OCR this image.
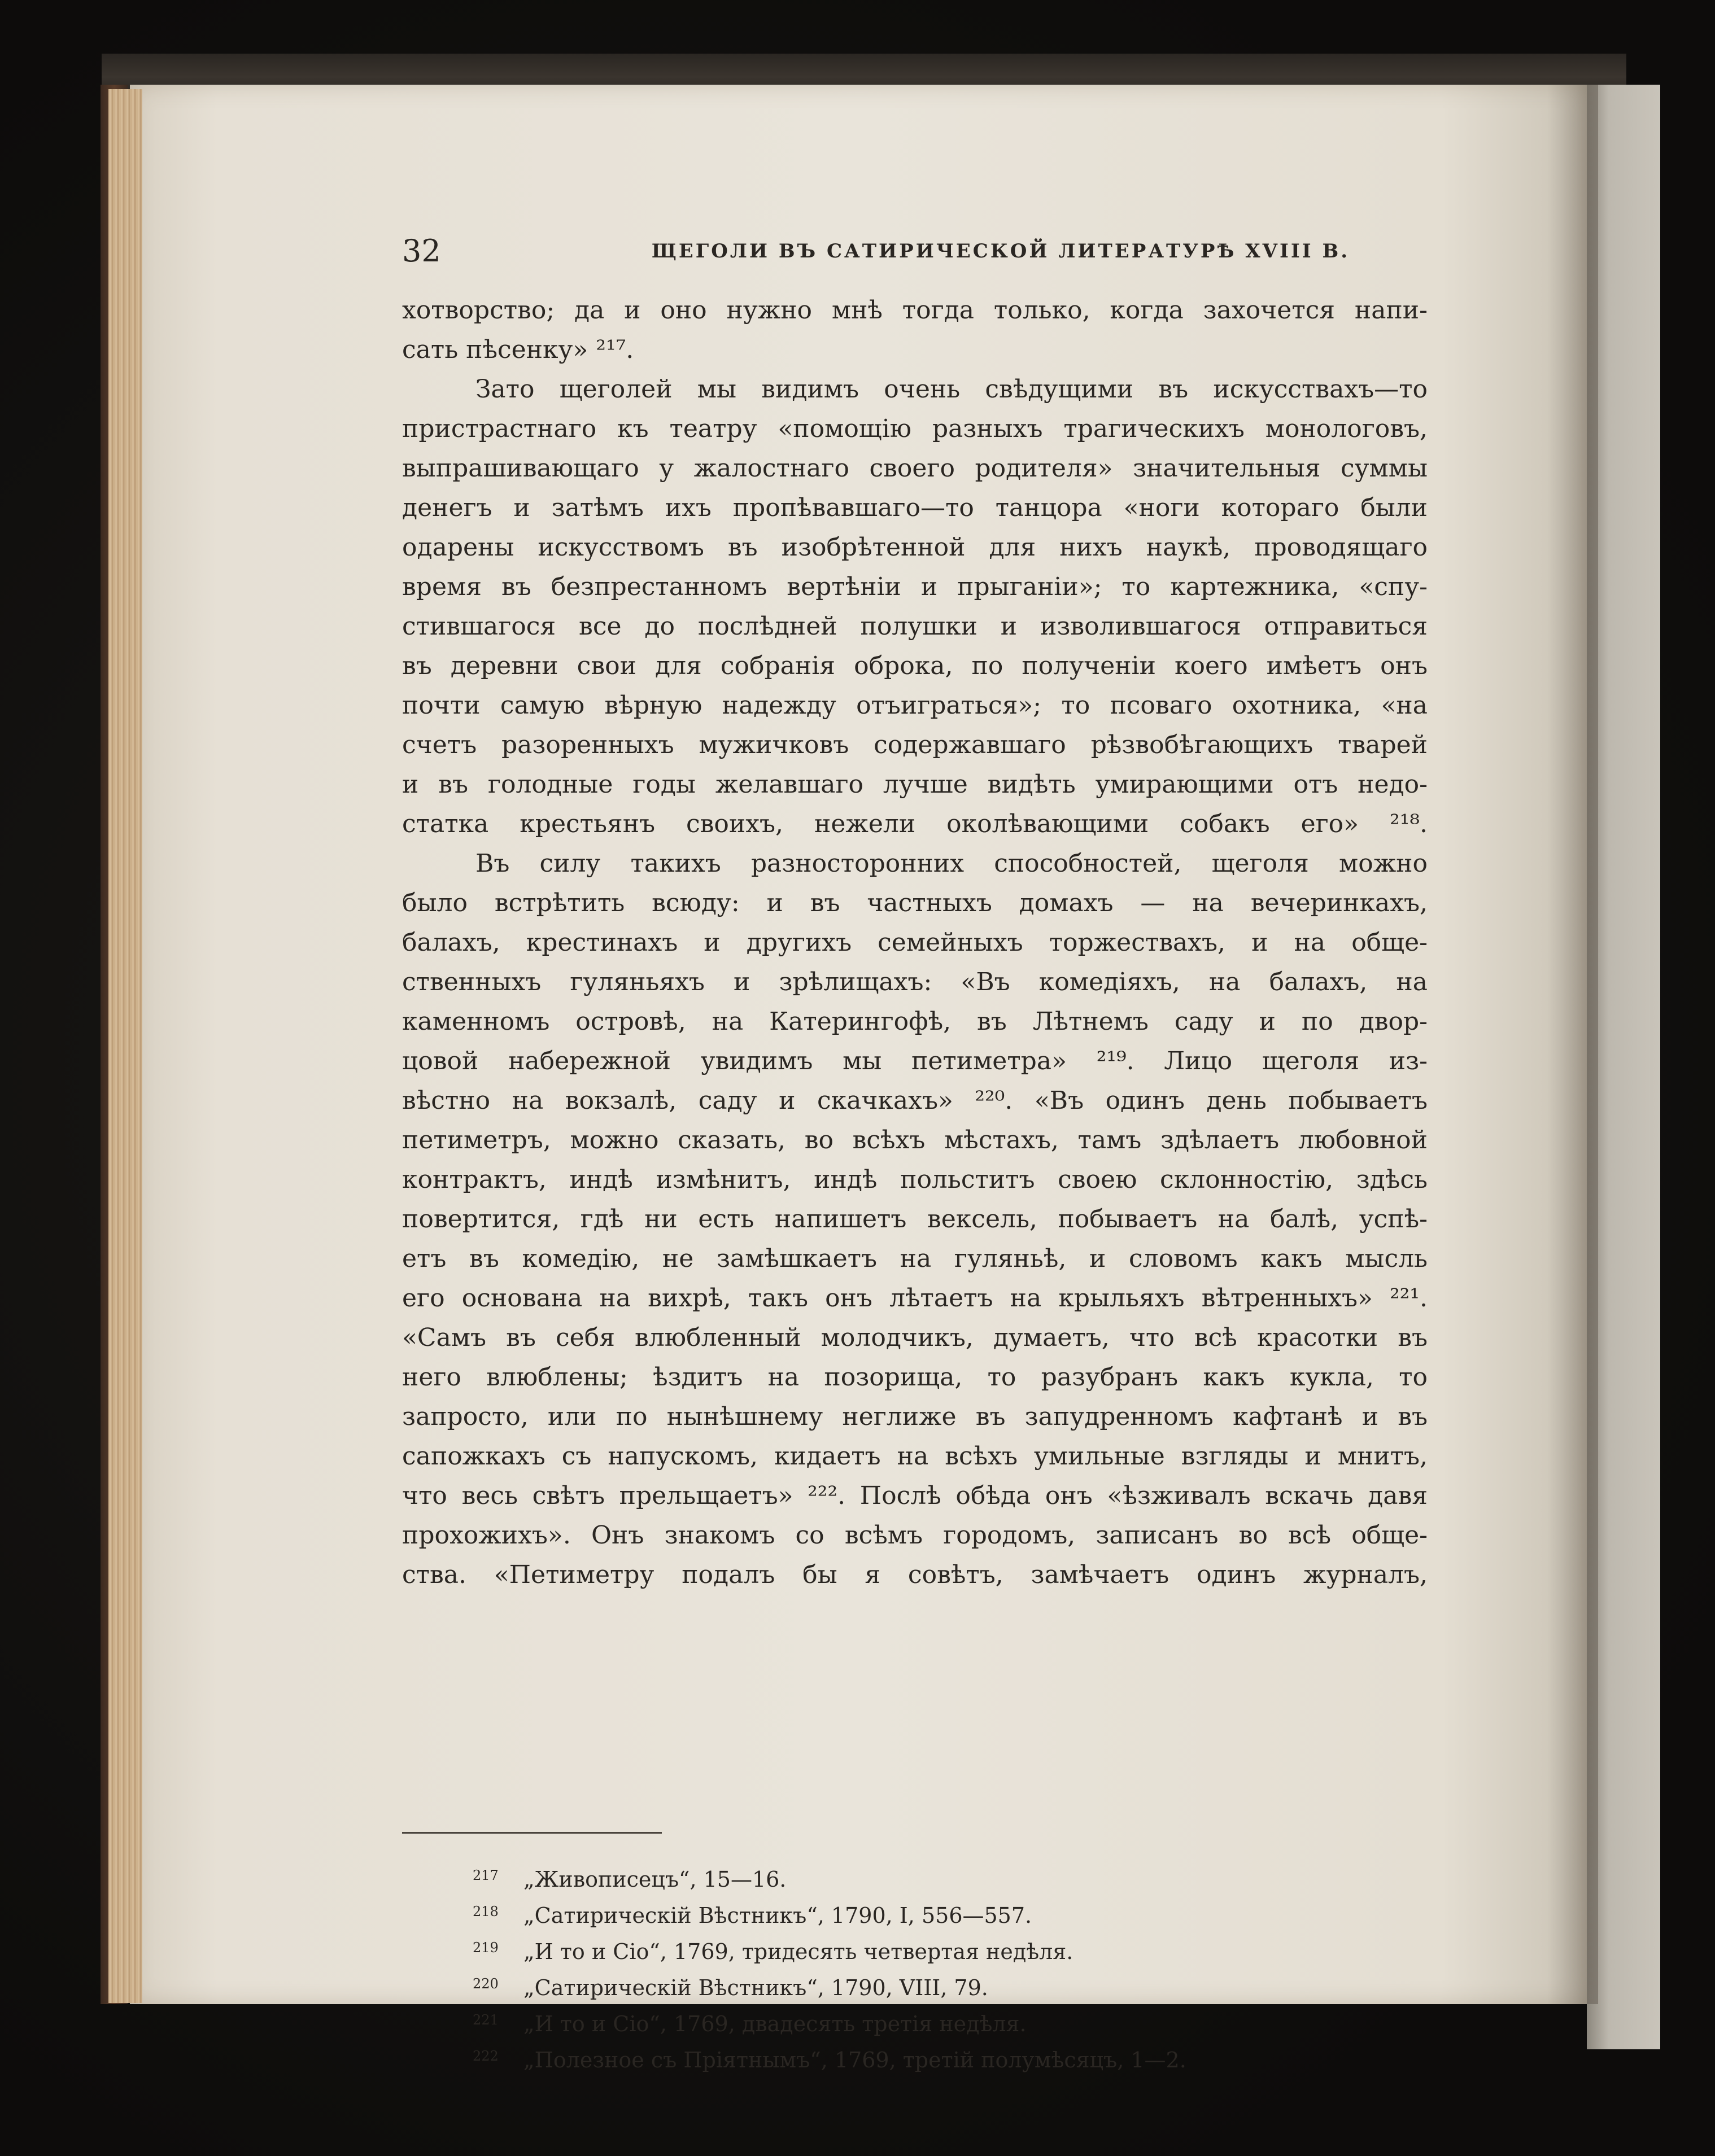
32	ЩЕГОЛИ ВЪ САТИРИЧЕСКОЙ ЛИТЕРАТУРѢ XVIII В.
хотворство; да и оно нужно мнѣ тогда только, когда захочется напи-
сать пѣсенку» ²¹⁷.
Зато щеголей мы видимъ очень свѣдущими въ искусствахъ—то
пристрастнаго къ театру «помощію разныхъ трагическихъ монологовъ,
выпрашивающаго у жалостнаго своего родителя» значительныя суммы
денегъ и затѣмъ ихъ пропѣвавшаго—то танцора «ноги котораго были
одарены искусствомъ въ изобрѣтенной для нихъ наукѣ, проводящаго
время въ безпрестанномъ вертѣніи и прыганіи»; то картежника, «спу-
стившагося все до послѣдней полушки и изволившагося отправиться
въ деревни свои для собранія оброка, по полученіи коего имѣетъ онъ
почти самую вѣрную надежду отъиграться»; то псоваго охотника, «на
счетъ разоренныхъ мужичковъ содержавшаго рѣзвобѣгающихъ тварей
и въ голодные годы желавшаго лучше видѣть умирающими отъ недо-
статка крестьянъ своихъ, нежели околѣвающими собакъ его» ²¹⁸.
Въ силу такихъ разносторонних способностей, щеголя можно
было встрѣтить всюду: и въ частныхъ домахъ — на вечеринкахъ,
балахъ, крестинахъ и другихъ семейныхъ торжествахъ, и на обще-
ственныхъ гуляньяхъ и зрѣлищахъ: «Въ комедіяхъ, на балахъ, на
каменномъ островѣ, на Катерингофѣ, въ Лѣтнемъ саду и по двор-
цовой набережной увидимъ мы петиметра» ²¹⁹. Лицо щеголя из-
вѣстно на вокзалѣ, саду и скачкахъ» ²²⁰. «Въ одинъ день побываетъ
петиметръ, можно сказать, во всѣхъ мѣстахъ, тамъ здѣлаетъ любовной
контрактъ, индѣ измѣнитъ, индѣ польститъ своею склонностію, здѣсь
повертится, гдѣ ни есть напишетъ вексель, побываетъ на балѣ, успѣ-
етъ въ комедію, не замѣшкаетъ на гуляньѣ, и словомъ какъ мысль
его основана на вихрѣ, такъ онъ лѣтаетъ на крыльяхъ вѣтренныхъ» ²²¹.
«Самъ въ себя влюбленный молодчикъ, думаетъ, что всѣ красотки въ
него влюблены; ѣздитъ на позорища, то разубранъ какъ кукла, то
запросто, или по нынѣшнему неглиже въ запудренномъ кафтанѣ и въ
сапожкахъ съ напускомъ, кидаетъ на всѣхъ умильные взгляды и мнитъ,
что весь свѣтъ прельщаетъ» ²²². Послѣ обѣда онъ «ѣзживалъ вскачь давя
прохожихъ». Онъ знакомъ со всѣмъ городомъ, записанъ во всѣ обще-
ства. «Петиметру подалъ бы я совѣтъ, замѣчаетъ одинъ журналъ,
217 „Живописецъ“, 15—16.
218 „Сатирическій Вѣстникъ“, 1790, I, 556—557.
219 „И то и Сіо“, 1769, тридесять четвертая недѣля.
220 „Сатирическій Вѣстникъ“, 1790, VIII, 79.
221 „И то и Сіо“, 1769, двадесять третія недѣля.
222 „Полезное съ Пріятнымъ“, 1769, третій полумѣсяцъ, 1—2.
